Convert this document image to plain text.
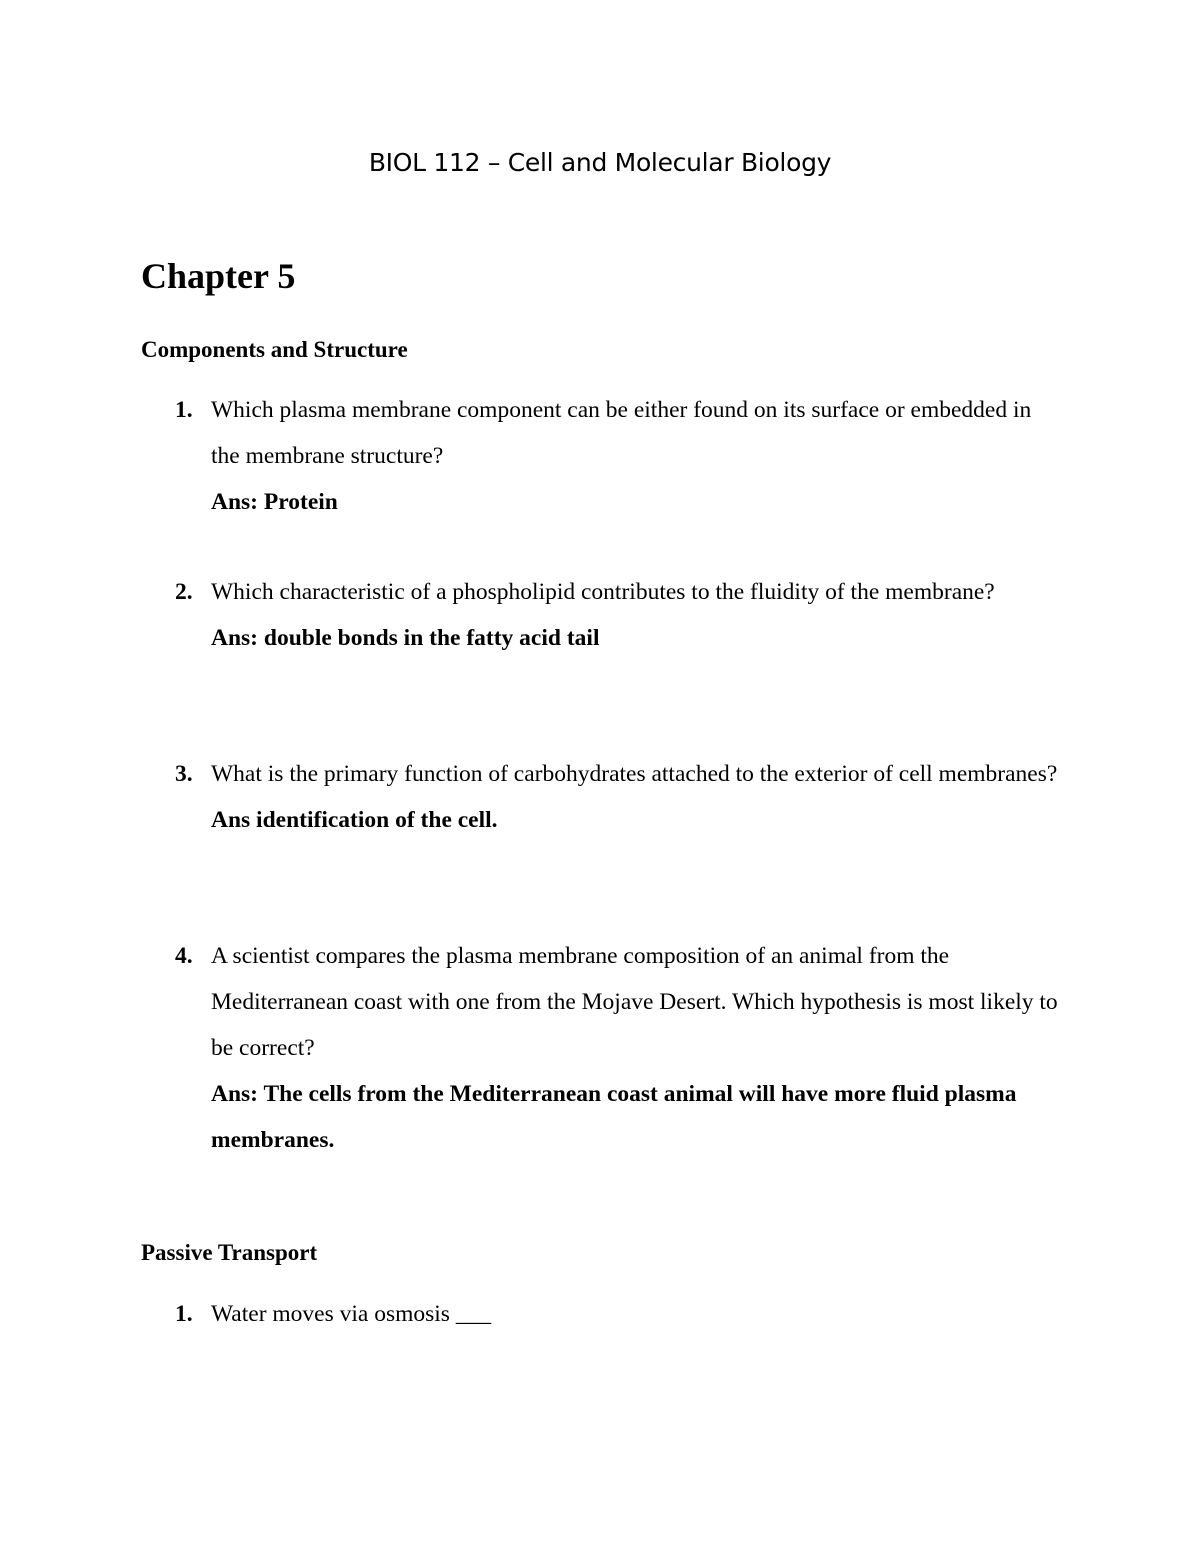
BIOL 112 – Cell and Molecular Biology
Chapter 5
Components and Structure
1. Which plasma membrane component can be either found on its surface or embedded in the membrane structure?
Ans: Protein
2. Which characteristic of a phospholipid contributes to the fluidity of the membrane?
Ans: double bonds in the fatty acid tail
3. What is the primary function of carbohydrates attached to the exterior of cell membranes?
Ans identification of the cell.
4. A scientist compares the plasma membrane composition of an animal from the Mediterranean coast with one from the Mojave Desert. Which hypothesis is most likely to be correct?
Ans: The cells from the Mediterranean coast animal will have more fluid plasma membranes.
Passive Transport
1. Water moves via osmosis ___
